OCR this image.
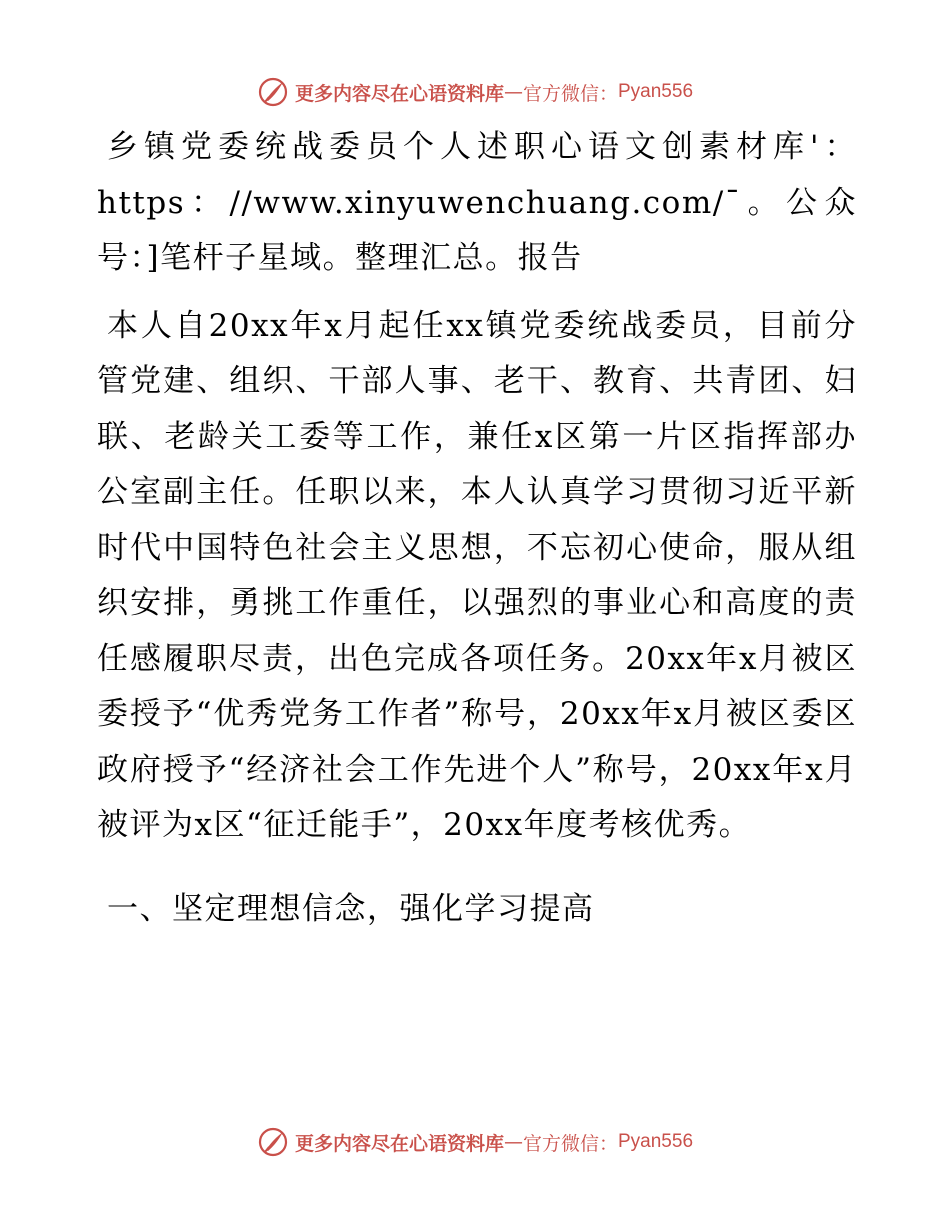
更多内容尽在心语资料库 — 官方微信： Pyan556

乡镇党委统战委员个人述职心语文创素材库'：https：//www.xinyuwenchuang.com/¯。公众号：]笔杆子星域。整理汇总。报告

本人自20xx年x月起任xx镇党委统战委员，目前分管党建、组织、干部人事、老干、教育、共青团、妇联、老龄关工委等工作，兼任x区第一片区指挥部办公室副主任。任职以来，本人认真学习贯彻习近平新时代中国特色社会主义思想，不忘初心使命，服从组织安排，勇挑工作重任，以强烈的事业心和高度的责任感履职尽责，出色完成各项任务。20xx年x月被区委授予“优秀党务工作者”称号，20xx年x月被区委区政府授予“经济社会工作先进个人”称号，20xx年x月被评为x区“征迁能手”，20xx年度考核优秀。

一、坚定理想信念，强化学习提高

更多内容尽在心语资料库 — 官方微信： Pyan556
